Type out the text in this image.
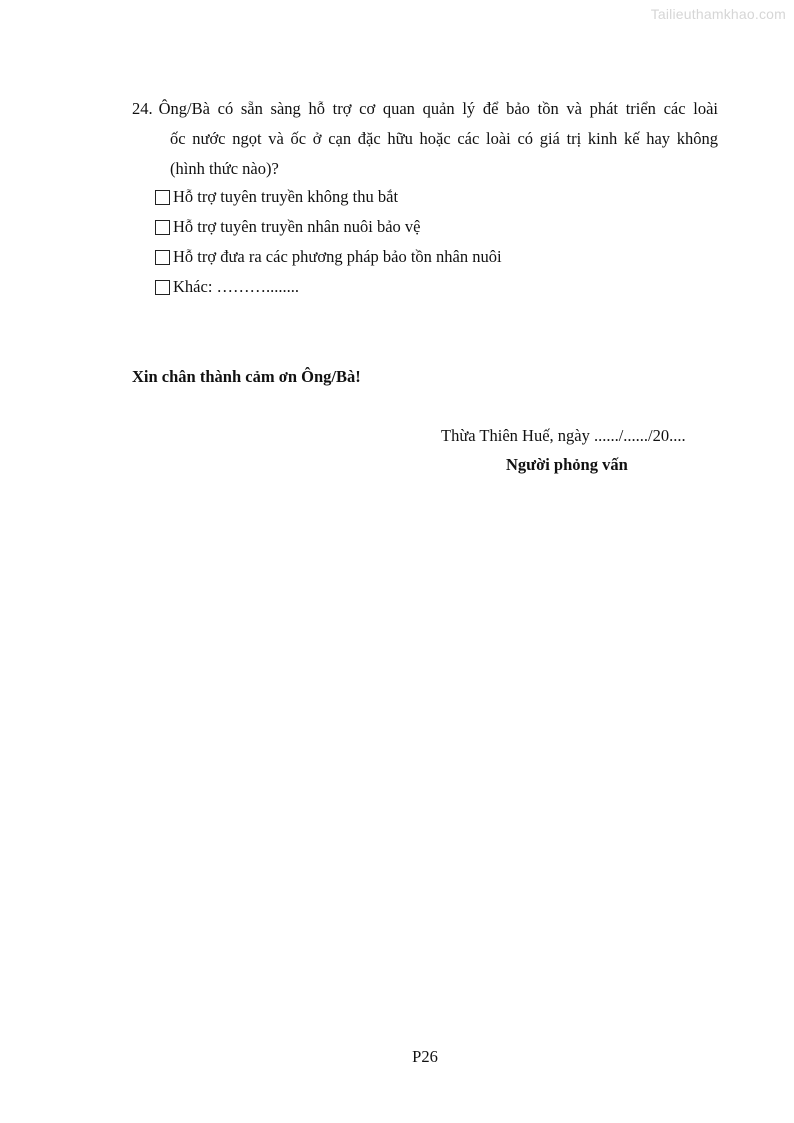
Tailieuthamkhao.com
24. Ông/Bà có sẵn sàng hỗ trợ cơ quan quản lý để bảo tồn và phát triển các loài
ốc nước ngọt và ốc ở cạn đặc hữu hoặc các loài có giá trị kinh kế hay không
(hình thức nào)?
Hỗ trợ tuyên truyền không thu bắt
Hỗ trợ tuyên truyền nhân nuôi bảo vệ
Hỗ trợ đưa ra các phương pháp bảo tồn nhân nuôi
Khác: ………........
Xin chân thành cảm ơn Ông/Bà!
Thừa Thiên Huế, ngày ....../....../20....
Người phỏng vấn
P26
